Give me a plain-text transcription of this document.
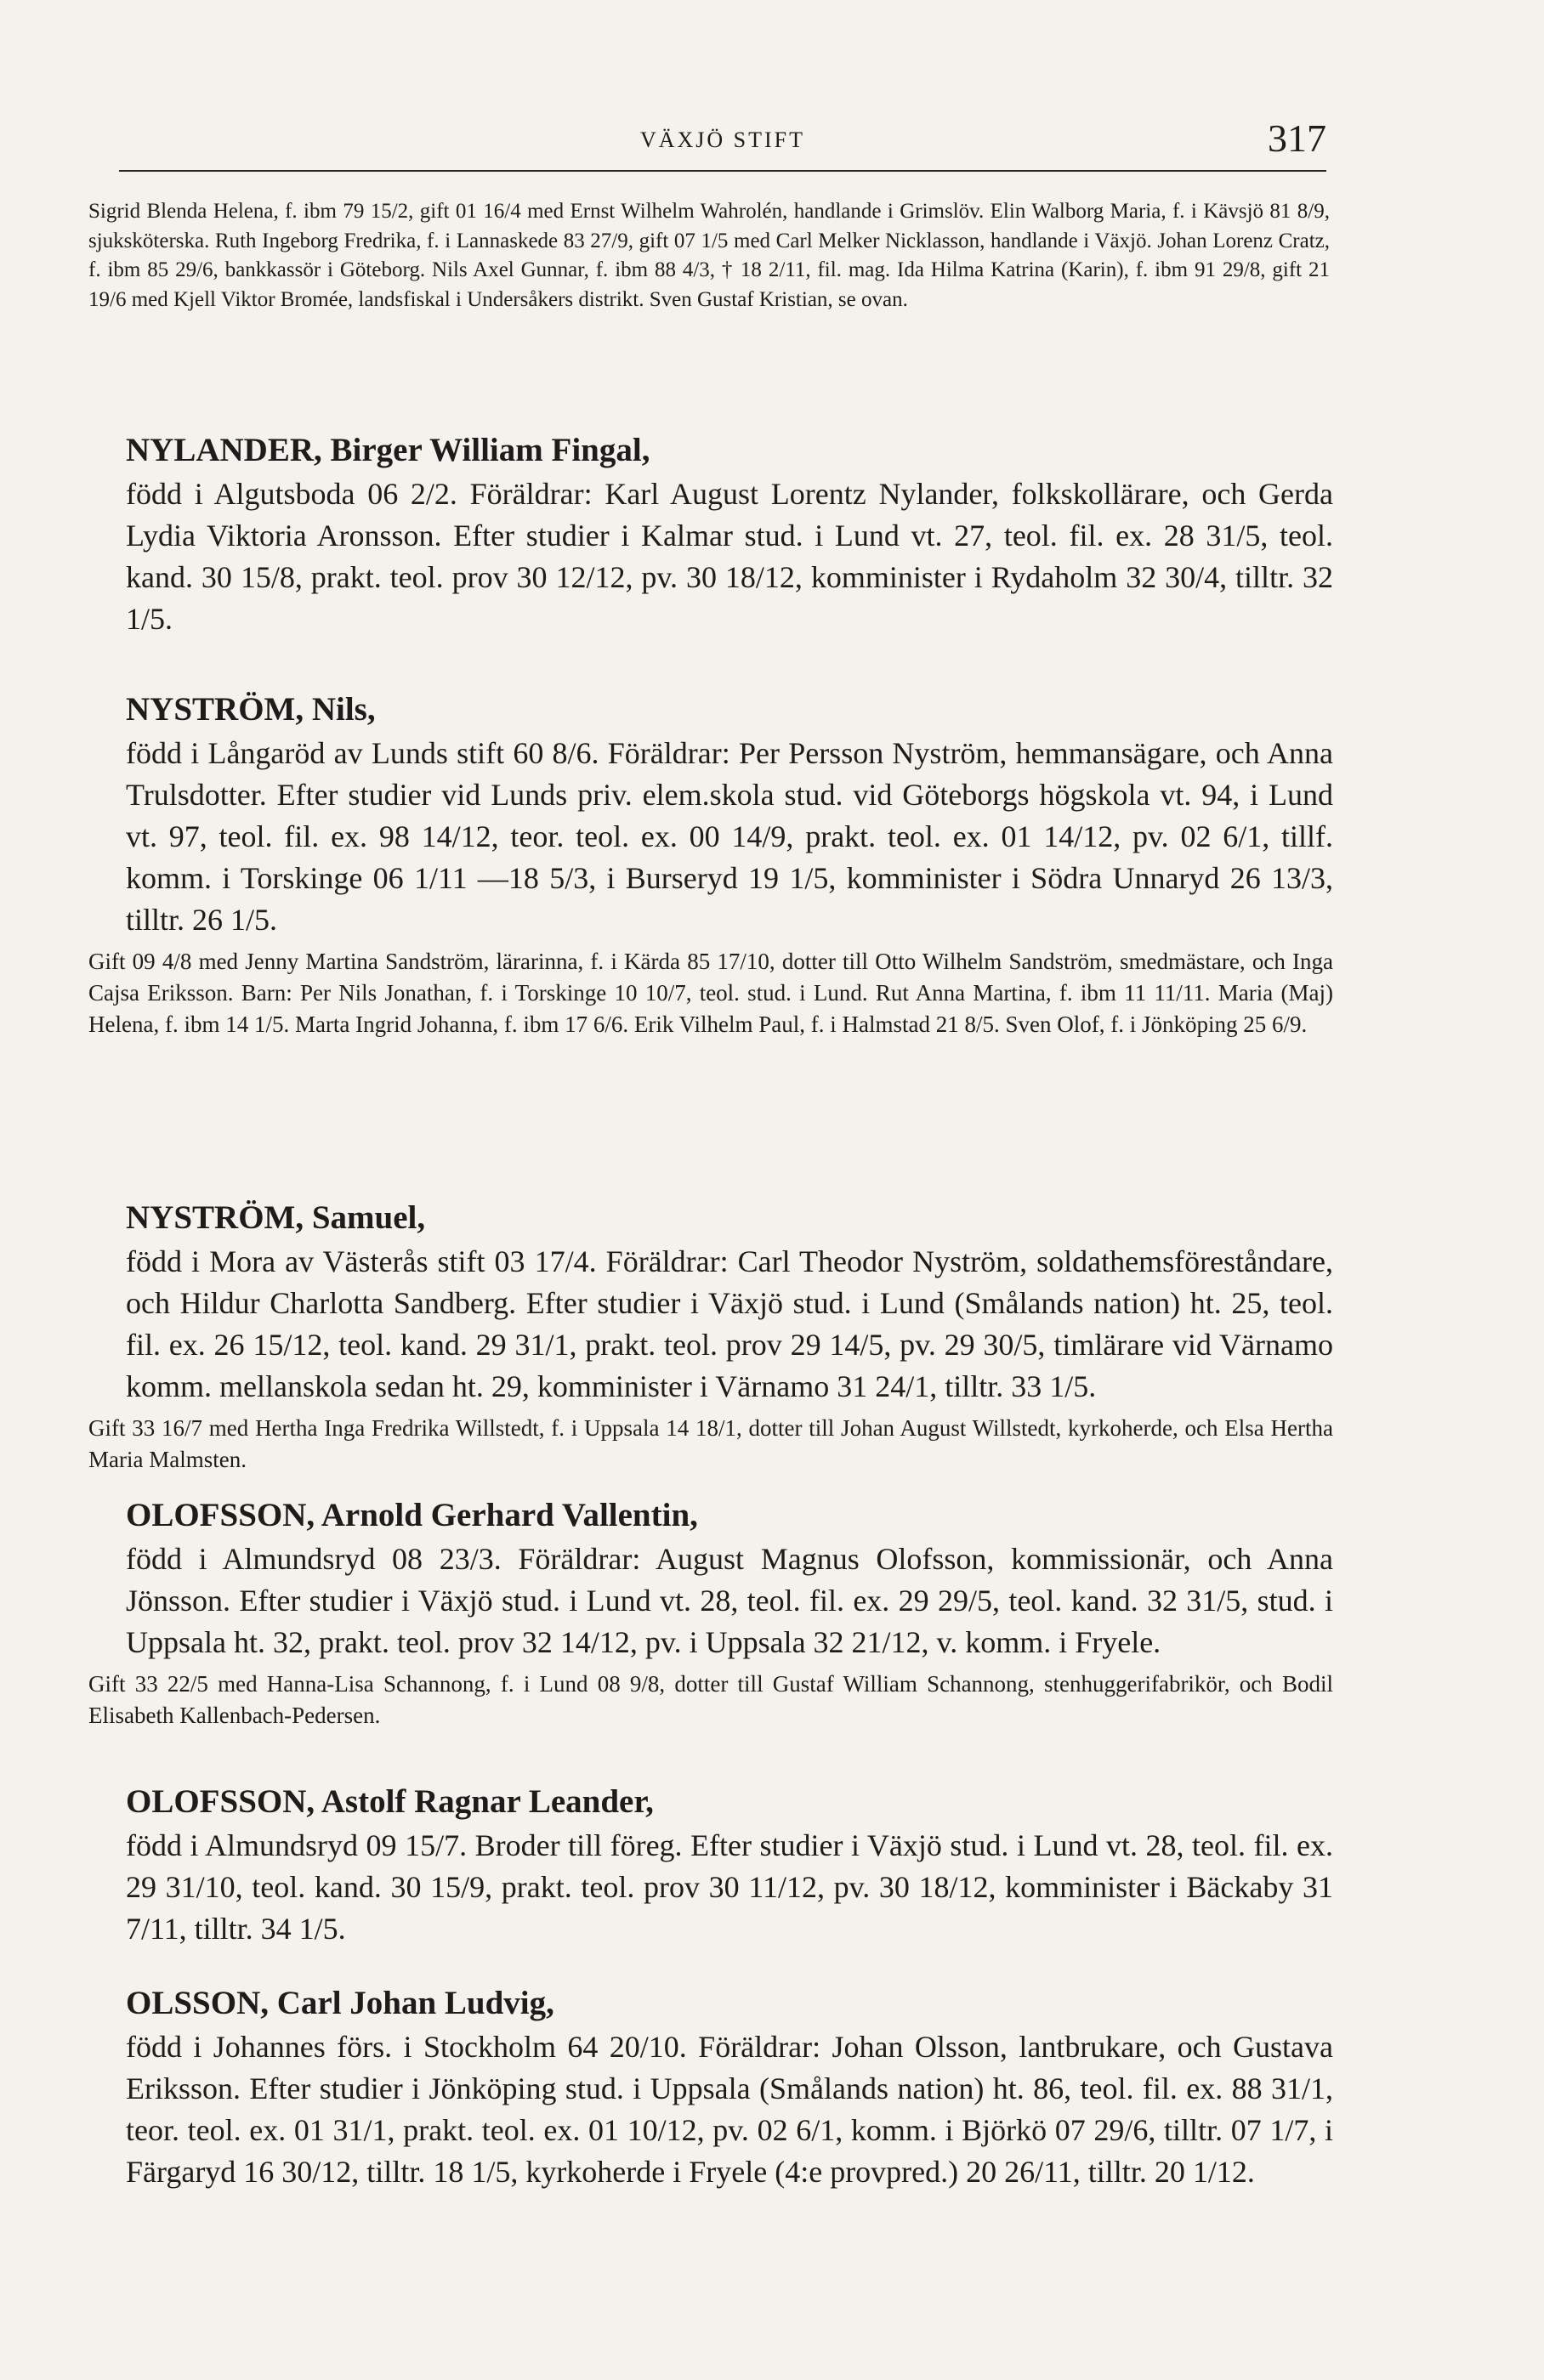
VÄXJÖ STIFT	317
Sigrid Blenda Helena, f. ibm 79 15/2, gift 01 16/4 med Ernst Wilhelm Wahrolén, handlande i Grimslöv. Elin Walborg Maria, f. i Kävsjö 81 8/9, sjuksköterska. Ruth Ingeborg Fredrika, f. i Lannaskede 83 27/9, gift 07 1/5 med Carl Melker Nicklasson, handlande i Växjö. Johan Lorenz Cratz, f. ibm 85 29/6, bankkassör i Göteborg. Nils Axel Gunnar, f. ibm 88 4/3, † 18 2/11, fil. mag. Ida Hilma Katrina (Karin), f. ibm 91 29/8, gift 21 19/6 med Kjell Viktor Bromée, landsfiskal i Undersåkers distrikt. Sven Gustaf Kristian, se ovan.
NYLANDER, Birger William Fingal,
född i Algutsboda 06 2/2. Föräldrar: Karl August Lorentz Nylander, folkskollärare, och Gerda Lydia Viktoria Aronsson. Efter studier i Kalmar stud. i Lund vt. 27, teol. fil. ex. 28 31/5, teol. kand. 30 15/8, prakt. teol. prov 30 12/12, pv. 30 18/12, komminister i Rydaholm 32 30/4, tilltr. 32 1/5.
NYSTRÖM, Nils,
född i Långaröd av Lunds stift 60 8/6. Föräldrar: Per Persson Nyström, hemmansägare, och Anna Trulsdotter. Efter studier vid Lunds priv. elem.skola stud. vid Göteborgs högskola vt. 94, i Lund vt. 97, teol. fil. ex. 98 14/12, teor. teol. ex. 00 14/9, prakt. teol. ex. 01 14/12, pv. 02 6/1, tillf. komm. i Torskinge 06 1/11 —18 5/3, i Burseryd 19 1/5, komminister i Södra Unnaryd 26 13/3, tilltr. 26 1/5.
Gift 09 4/8 med Jenny Martina Sandström, lärarinna, f. i Kärda 85 17/10, dotter till Otto Wilhelm Sandström, smedmästare, och Inga Cajsa Eriksson. Barn: Per Nils Jonathan, f. i Torskinge 10 10/7, teol. stud. i Lund. Rut Anna Martina, f. ibm 11 11/11. Maria (Maj) Helena, f. ibm 14 1/5. Marta Ingrid Johanna, f. ibm 17 6/6. Erik Vilhelm Paul, f. i Halmstad 21 8/5. Sven Olof, f. i Jönköping 25 6/9.
NYSTRÖM, Samuel,
född i Mora av Västerås stift 03 17/4. Föräldrar: Carl Theodor Nyström, soldathemsföreståndare, och Hildur Charlotta Sandberg. Efter studier i Växjö stud. i Lund (Smålands nation) ht. 25, teol. fil. ex. 26 15/12, teol. kand. 29 31/1, prakt. teol. prov 29 14/5, pv. 29 30/5, timlärare vid Värnamo komm. mellanskola sedan ht. 29, komminister i Värnamo 31 24/1, tilltr. 33 1/5.
Gift 33 16/7 med Hertha Inga Fredrika Willstedt, f. i Uppsala 14 18/1, dotter till Johan August Willstedt, kyrkoherde, och Elsa Hertha Maria Malmsten.
OLOFSSON, Arnold Gerhard Vallentin,
född i Almundsryd 08 23/3. Föräldrar: August Magnus Olofsson, kommissionär, och Anna Jönsson. Efter studier i Växjö stud. i Lund vt. 28, teol. fil. ex. 29 29/5, teol. kand. 32 31/5, stud. i Uppsala ht. 32, prakt. teol. prov 32 14/12, pv. i Uppsala 32 21/12, v. komm. i Fryele.
Gift 33 22/5 med Hanna-Lisa Schannong, f. i Lund 08 9/8, dotter till Gustaf William Schannong, stenhuggerifabrikör, och Bodil Elisabeth Kallenbach-Pedersen.
OLOFSSON, Astolf Ragnar Leander,
född i Almundsryd 09 15/7. Broder till föreg. Efter studier i Växjö stud. i Lund vt. 28, teol. fil. ex. 29 31/10, teol. kand. 30 15/9, prakt. teol. prov 30 11/12, pv. 30 18/12, komminister i Bäckaby 31 7/11, tilltr. 34 1/5.
OLSSON, Carl Johan Ludvig,
född i Johannes förs. i Stockholm 64 20/10. Föräldrar: Johan Olsson, lantbrukare, och Gustava Eriksson. Efter studier i Jönköping stud. i Uppsala (Smålands nation) ht. 86, teol. fil. ex. 88 31/1, teor. teol. ex. 01 31/1, prakt. teol. ex. 01 10/12, pv. 02 6/1, komm. i Björkö 07 29/6, tilltr. 07 1/7, i Färgaryd 16 30/12, tilltr. 18 1/5, kyrkoherde i Fryele (4:e provpred.) 20 26/11, tilltr. 20 1/12.
